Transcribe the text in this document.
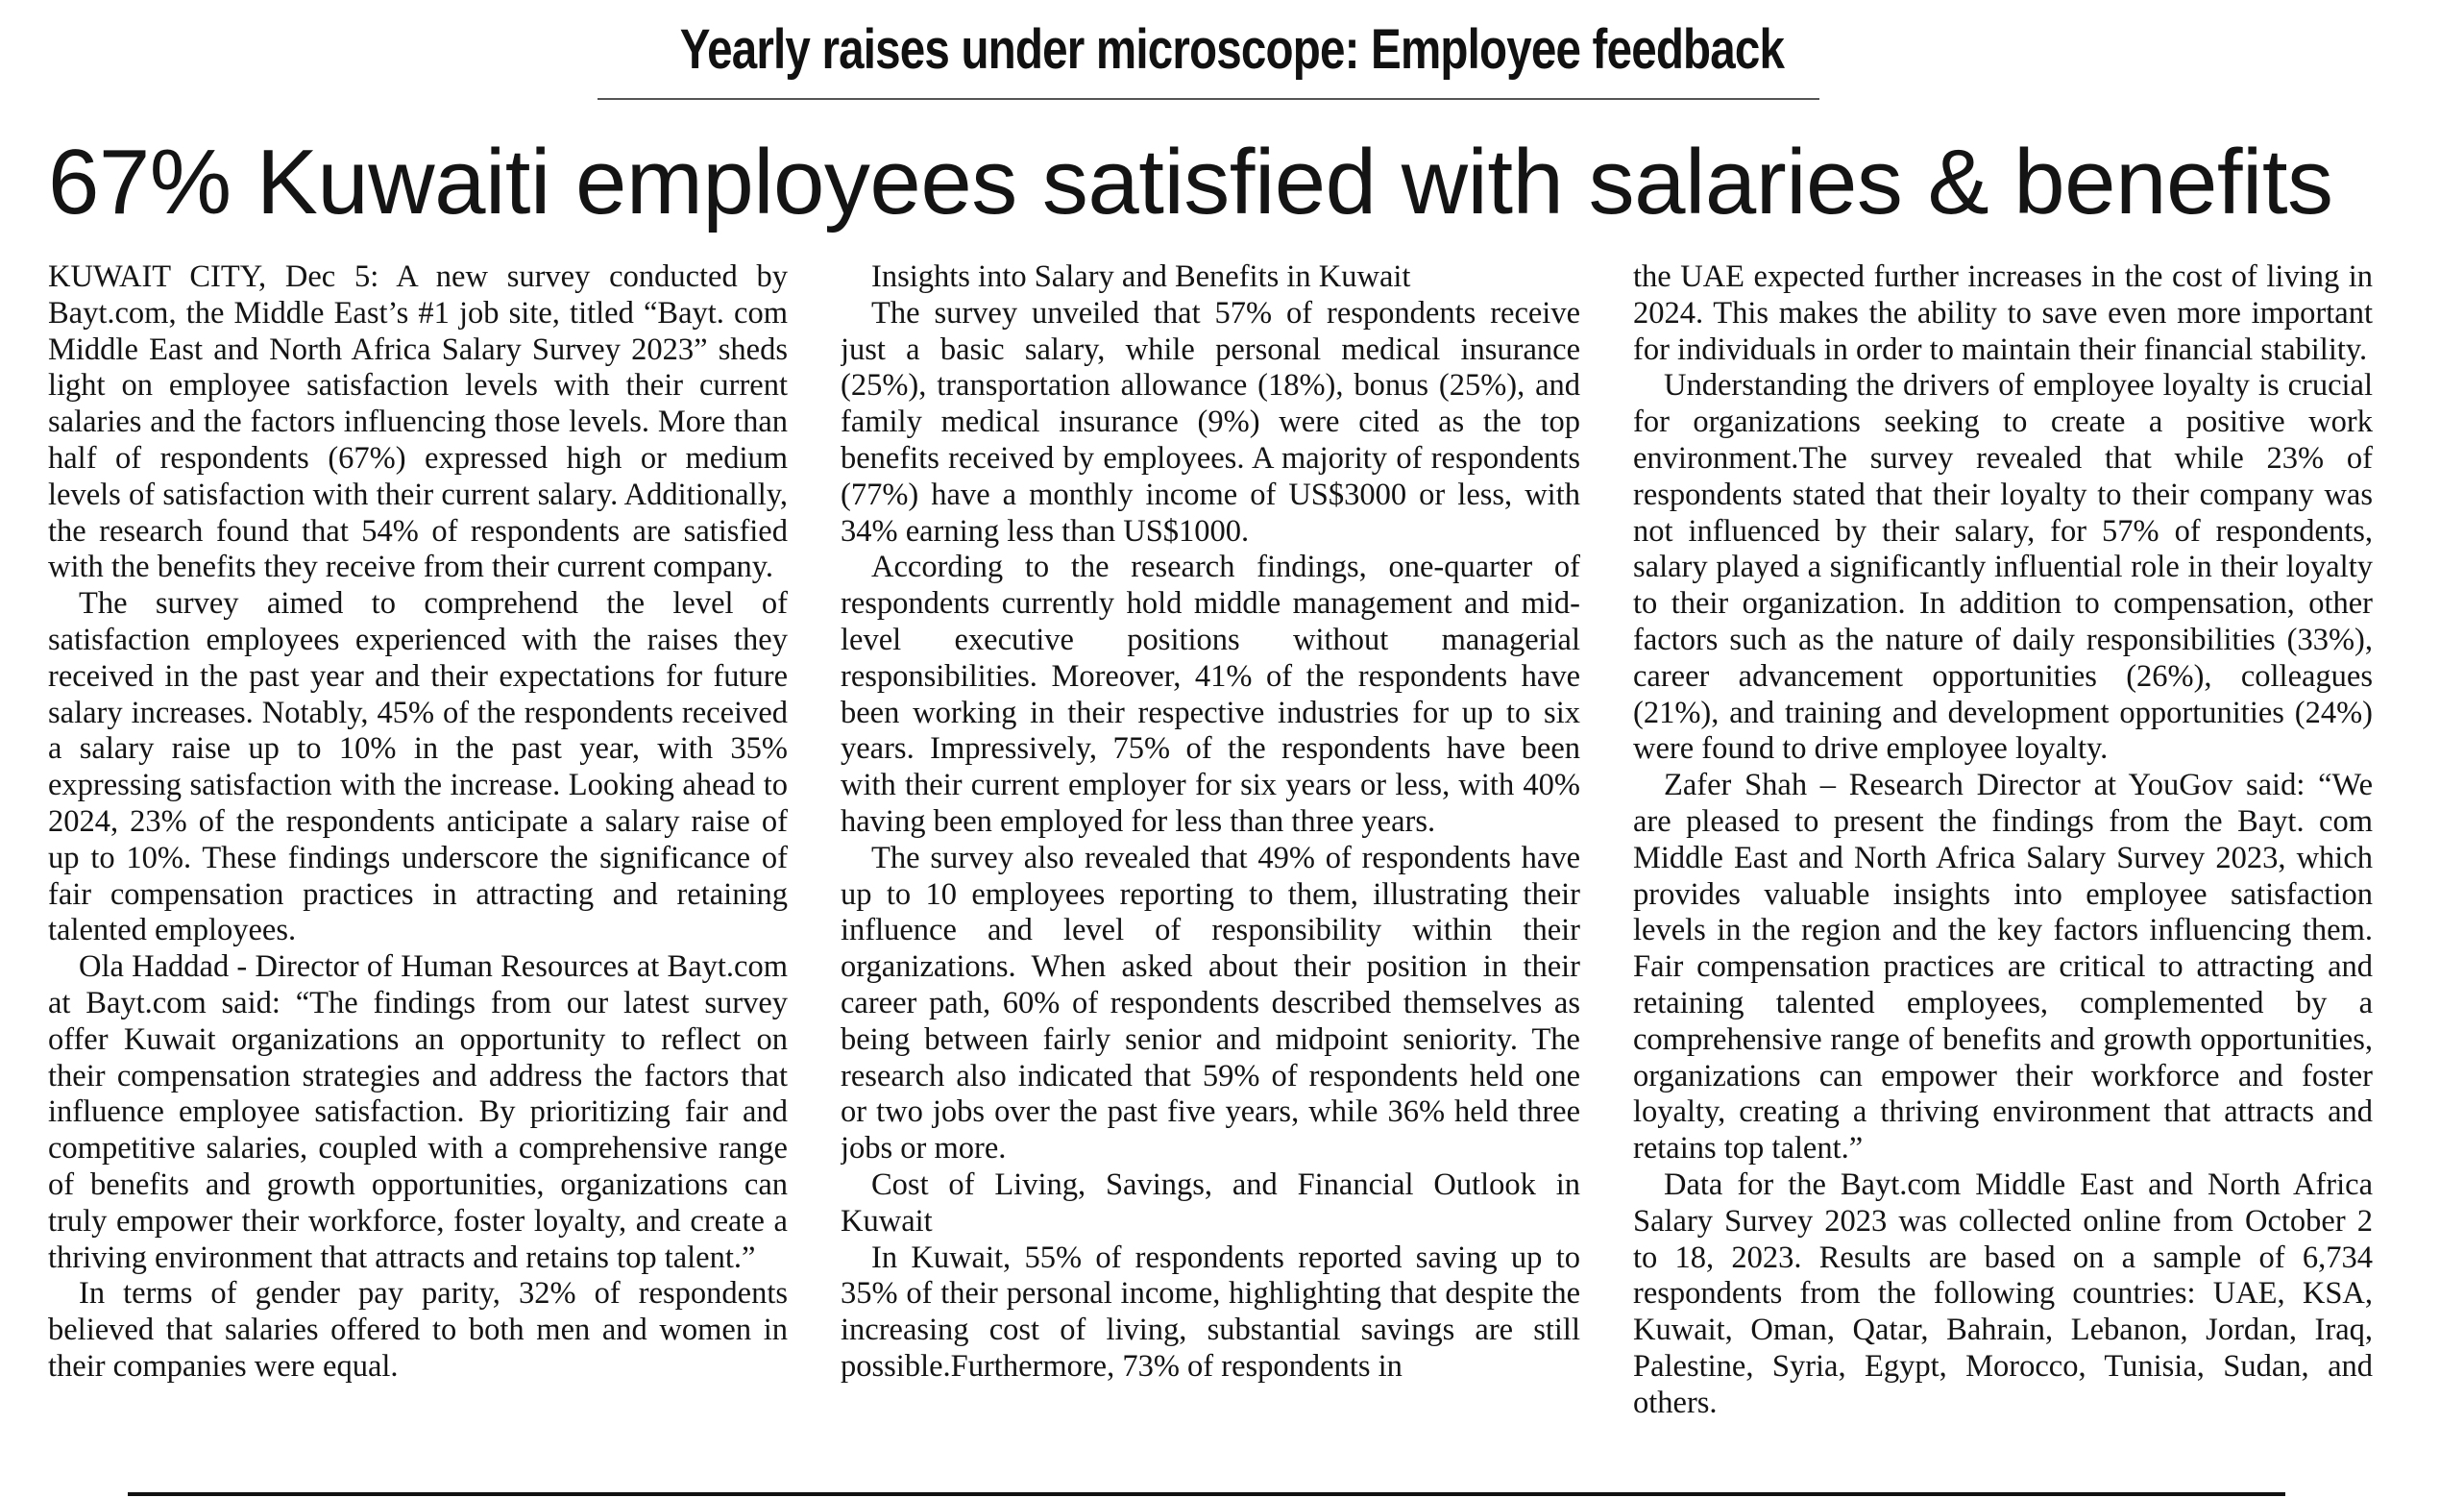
Yearly raises under microscope: Employee feedback
67% Kuwaiti employees satisfied with salaries & benefits

KUWAIT CITY, Dec 5: A new survey conducted by Bayt.com, the Middle East’s #1 job site, titled “Bayt. com Middle East and North Africa Salary Survey 2023” sheds light on employee satisfaction levels with their current salaries and the factors influencing those levels. More than half of respondents (67%) expressed high or medium levels of satisfaction with their current salary. Additionally, the research found that 54% of respondents are satisfied with the benefits they receive from their current company.

The survey aimed to comprehend the level of satisfaction employees experienced with the raises they received in the past year and their expectations for future salary increases. Notably, 45% of the respondents received a salary raise up to 10% in the past year, with 35% expressing satisfaction with the increase. Looking ahead to 2024, 23% of the respondents anticipate a salary raise of up to 10%. These findings underscore the significance of fair compensation practices in attracting and retaining talented employees.

Ola Haddad - Director of Human Resources at Bayt.com at Bayt.com said: “The findings from our latest survey offer Kuwait organizations an opportunity to reflect on their compensation strategies and address the factors that influence employee satisfaction. By prioritizing fair and competitive salaries, coupled with a comprehensive range of benefits and growth opportunities, organizations can truly empower their workforce, foster loyalty, and create a thriving environment that attracts and retains top talent.”

In terms of gender pay parity, 32% of respondents believed that salaries offered to both men and women in their companies were equal.

Insights into Salary and Benefits in Kuwait

The survey unveiled that 57% of respondents receive just a basic salary, while personal medical insurance (25%), transportation allowance (18%), bonus (25%), and family medical insurance (9%) were cited as the top benefits received by employees. A majority of respondents (77%) have a monthly income of US$3000 or less, with 34% earning less than US$1000.

According to the research findings, one-quarter of respondents currently hold middle management and mid-level executive positions without managerial responsibilities. Moreover, 41% of the respondents have been working in their respective industries for up to six years. Impressively, 75% of the respondents have been with their current employer for six years or less, with 40% having been employed for less than three years.

The survey also revealed that 49% of respondents have up to 10 employees reporting to them, illustrating their influence and level of responsibility within their organizations. When asked about their position in their career path, 60% of respondents described themselves as being between fairly senior and midpoint seniority. The research also indicated that 59% of respondents held one or two jobs over the past five years, while 36% held three jobs or more.

Cost of Living, Savings, and Financial Outlook in Kuwait

In Kuwait, 55% of respondents reported saving up to 35% of their personal income, highlighting that despite the increasing cost of living, substantial savings are still possible.Furthermore, 73% of respondents in

the UAE expected further increases in the cost of living in 2024. This makes the ability to save even more important for individuals in order to maintain their financial stability.

Understanding the drivers of employee loyalty is crucial for organizations seeking to create a positive work environment.The survey revealed that while 23% of respondents stated that their loyalty to their company was not influenced by their salary, for 57% of respondents, salary played a significantly influential role in their loyalty to their organization. In addition to compensation, other factors such as the nature of daily responsibilities (33%), career advancement opportunities (26%), colleagues (21%), and training and development opportunities (24%) were found to drive employee loyalty.

Zafer Shah – Research Director at YouGov said: “We are pleased to present the findings from the Bayt. com Middle East and North Africa Salary Survey 2023, which provides valuable insights into employee satisfaction levels in the region and the key factors influencing them. Fair compensation practices are critical to attracting and retaining talented employees, complemented by a comprehensive range of benefits and growth opportunities, organizations can empower their workforce and foster loyalty, creating a thriving environment that attracts and retains top talent.”

Data for the Bayt.com Middle East and North Africa Salary Survey 2023 was collected online from October 2 to 18, 2023. Results are based on a sample of 6,734 respondents from the following countries: UAE, KSA, Kuwait, Oman, Qatar, Bahrain, Lebanon, Jordan, Iraq, Palestine, Syria, Egypt, Morocco, Tunisia, Sudan, and others.
